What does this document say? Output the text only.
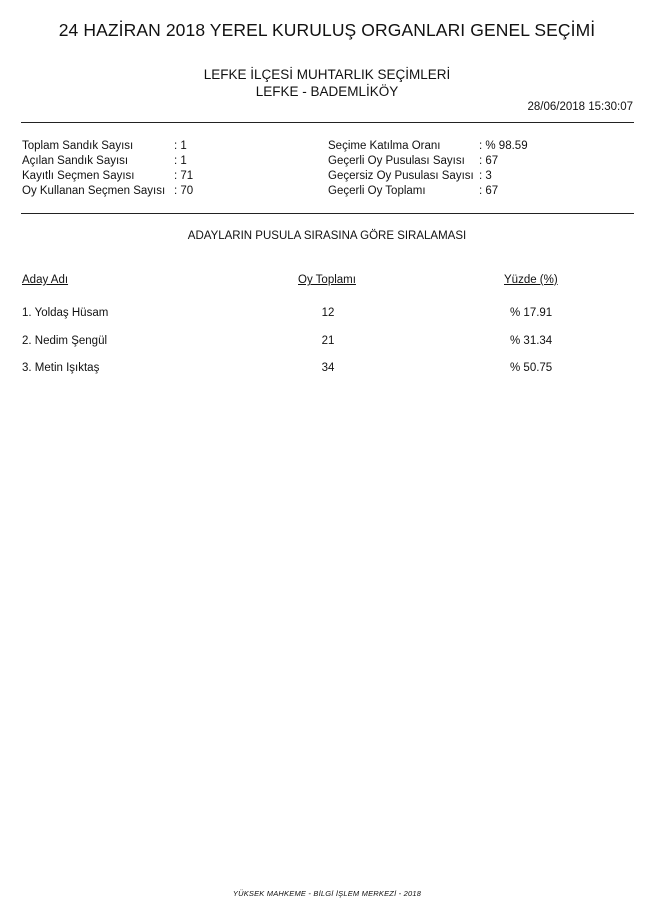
24 HAZİRAN 2018 YEREL KURULUŞ ORGANLARI GENEL SEÇİMİ
LEFKE İLÇESİ MUHTARLIK SEÇİMLERİ
LEFKE - BADEMLİKÖY
28/06/2018 15:30:07
Toplam Sandık Sayısı	: 1
Açılan Sandık Sayısı	: 1
Kayıtlı Seçmen Sayısı	: 71
Oy Kullanan Seçmen Sayısı : 70
Seçime Katılma Oranı	: % 98.59
Geçerli Oy Pusulası Sayısı : 67
Geçersiz Oy Pusulası Sayısı : 3
Geçerli Oy Toplamı	: 67
ADAYLARIN PUSULA SIRASINA GÖRE SIRALAMASI
Aday Adı	Oy Toplamı	Yüzde (%)
1. Yoldaş Hüsam	12	% 17.91
2. Nedim Şengül	21	% 31.34
3. Metin Işıktaş	34	% 50.75
YÜKSEK MAHKEME - BİLGİ İŞLEM MERKEZİ - 2018
